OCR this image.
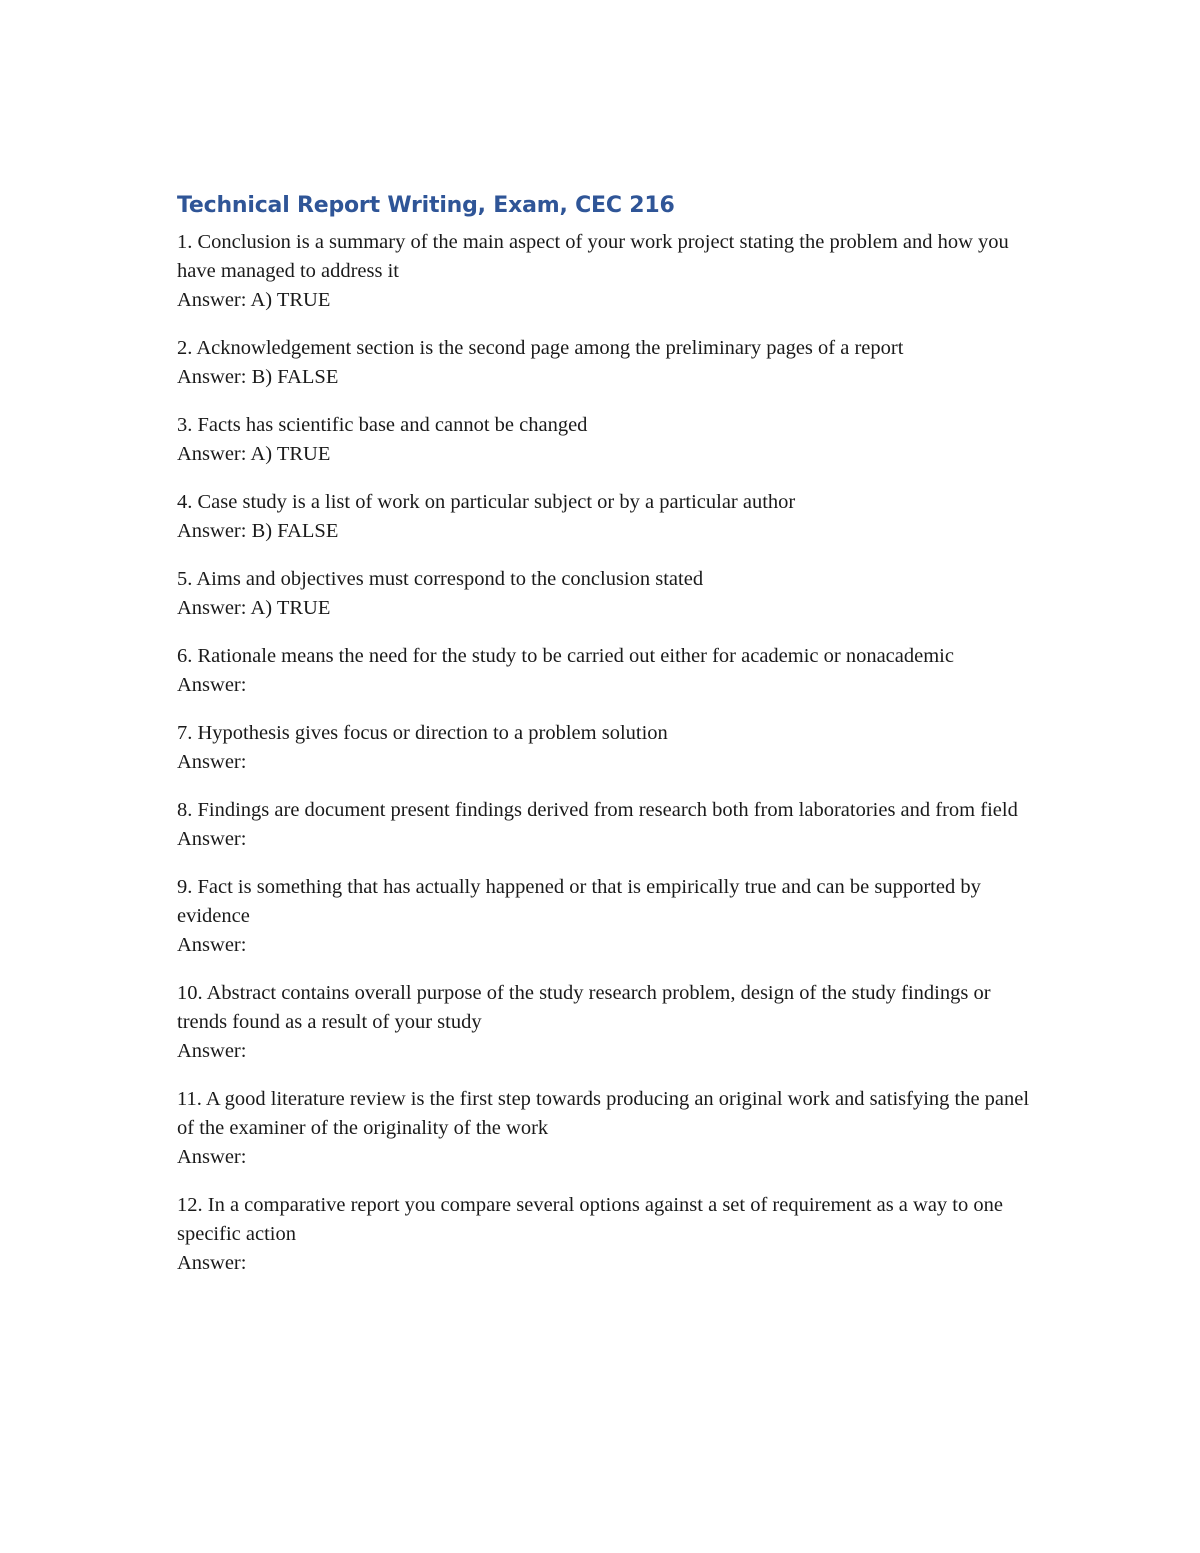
Technical Report Writing, Exam, CEC 216

1. Conclusion is a summary of the main aspect of your work project stating the problem and how you have managed to address it

Answer: A) TRUE

2. Acknowledgement section is the second page among the preliminary pages of a report

Answer: B) FALSE

3. Facts has scientific base and cannot be changed

Answer: A) TRUE

4. Case study is a list of work on particular subject or by a particular author

Answer: B) FALSE

5. Aims and objectives must correspond to the conclusion stated

Answer: A) TRUE

6. Rationale means the need for the study to be carried out either for academic or nonacademic

Answer:

7. Hypothesis gives focus or direction to a problem solution

Answer:

8. Findings are document present findings derived from research both from laboratories and from field

Answer:

9. Fact is something that has actually happened or that is empirically true and can be supported by evidence

Answer:

10. Abstract contains overall purpose of the study research problem, design of the study findings or trends found as a result of your study

Answer:

11. A good literature review is the first step towards producing an original work and satisfying the panel of the examiner of the originality of the work

Answer:

12. In a comparative report you compare several options against a set of requirement as a way to one specific action

Answer:
